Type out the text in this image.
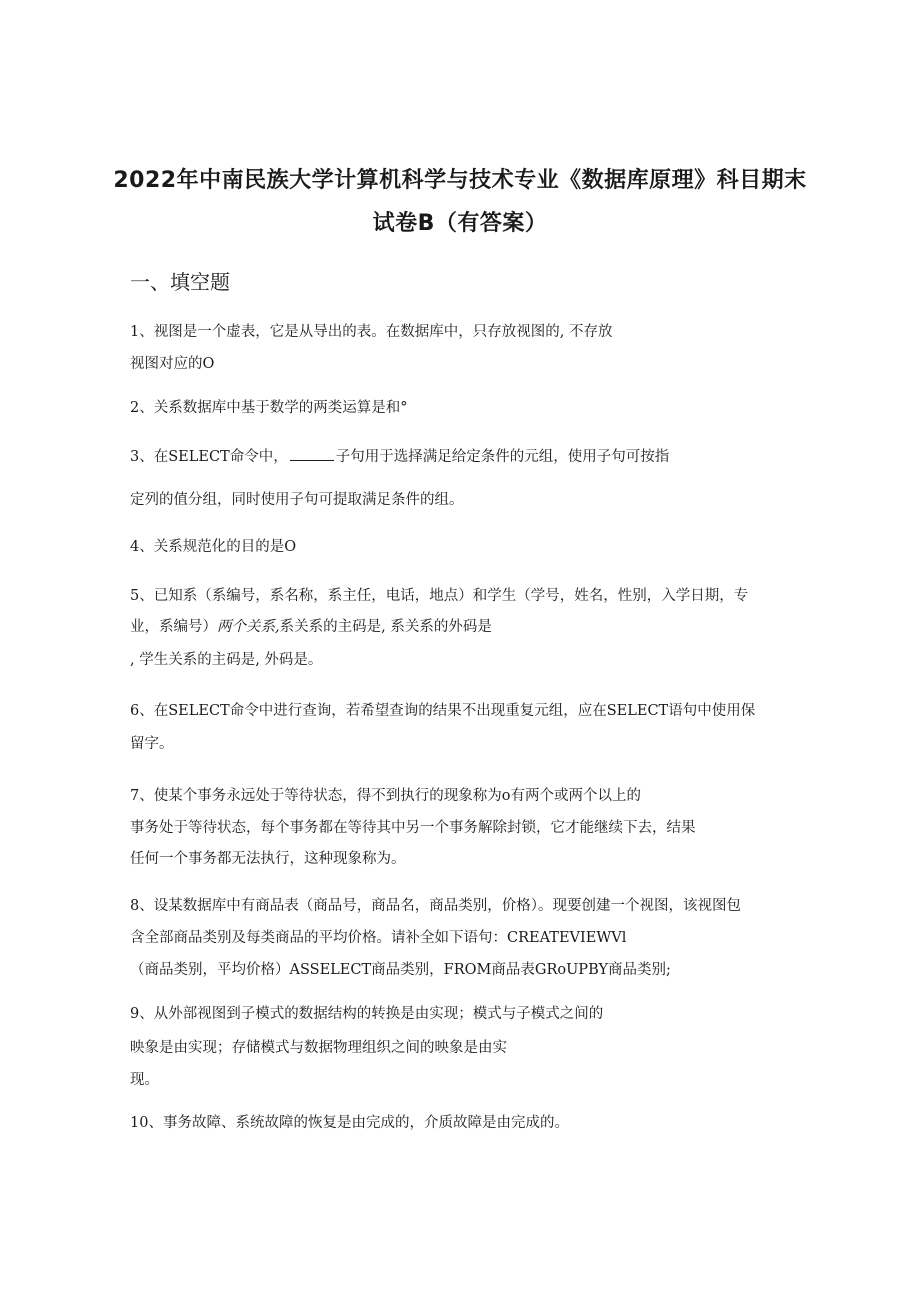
2022年中南民族大学计算机科学与技术专业《数据库原理》科目期末
试卷B（有答案）
一、填空题
1、视图是一个虚表，它是从导出的表。在数据库中，只存放视图的, 不存放
视图对应的O
2、关系数据库中基于数学的两类运算是和°
3、在SELECT命令中，	子句用于选择满足给定条件的元组，使用子句可按指
定列的值分组，同时使用子句可提取满足条件的组。
4、关系规范化的目的是O
5、已知系（系编号，系名称，系主任，电话，地点）和学生（学号，姓名，性别，入学日期，专
业，系编号）两个关系,系关系的主码是, 系关系的外码是
, 学生关系的主码是, 外码是。
6、在SELECT命令中进行查询，若希望查询的结果不出现重复元组，应在SELECT语句中使用保
留字。
7、使某个事务永远处于等待状态，得不到执行的现象称为o有两个或两个以上的
事务处于等待状态，每个事务都在等待其中另一个事务解除封锁，它才能继续下去，结果
任何一个事务都无法执行，这种现象称为。
8、设某数据库中有商品表（商品号，商品名，商品类别，价格）。现要创建一个视图，该视图包
含全部商品类别及每类商品的平均价格。请补全如下语句：CREATEVIEWVl
（商品类别，平均价格）ASSELECT商品类别，FROM商品表GRoUPBY商品类别;
9、从外部视图到子模式的数据结构的转换是由实现；模式与子模式之间的
映象是由实现；存储模式与数据物理组织之间的映象是由实
现。
10、事务故障、系统故障的恢复是由完成的，介质故障是由完成的。
